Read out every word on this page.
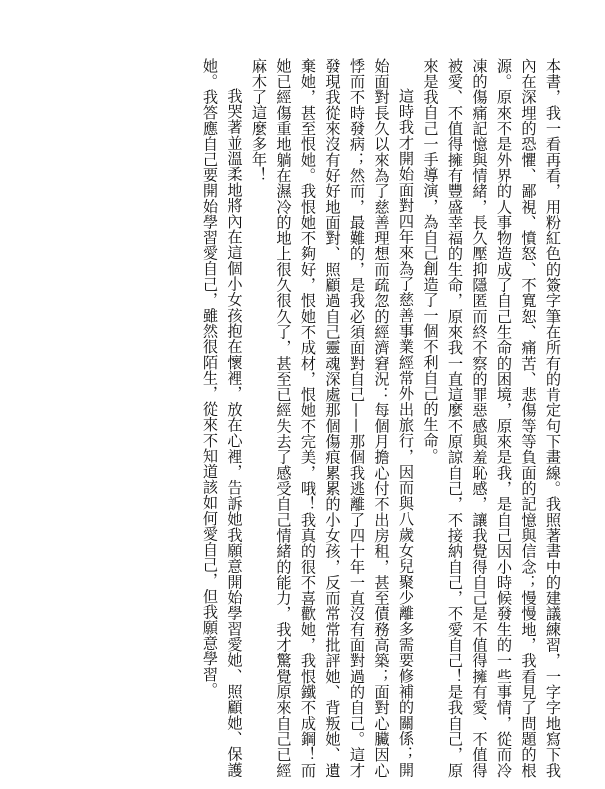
本書，我一看再看，用粉紅色的簽字筆在所有的肯定句下畫線。我照著書中的建議練習，一字字地寫下我內在深埋的恐懼、鄙視、憤怒、不寬恕、痛苦、悲傷等等負面的記憶與信念；慢慢地，我看見了問題的根源。原來不是外界的人事物造成了自己生命的困境，原來是我，是自己因小時候發生的一些事情，從而冷凍的傷痛記憶與情緒，長久壓抑隱匿而終不察的罪惡感與羞恥感，讓我覺得自己是不值得擁有愛、不值得被愛、不值得擁有豐盛幸福的生命，原來我一直這麼不原諒自己，不接納自己，不愛自己！是我自己，原來是我自己一手導演，為自己創造了一個不利自己的生命。

這時我才開始面對四年來為了慈善事業經常外出旅行，因而與八歲女兒聚少離多需要修補的關係；開始面對長久以來為了慈善理想而疏忽的經濟窘況：每個月擔心付不出房租，甚至債務高築；面對心臟因心悸而不時發病；然而，最難的，是我必須面對自己——那個我逃離了四十年一直沒有面對過的自己。這才發現我從來沒有好好地面對、照顧過自己靈魂深處那個傷痕累累的小女孩，反而常常批評她、背叛她、遺棄她，甚至恨她。我恨她不夠好，恨她不成材，恨她不完美，哦！我真的很不喜歡她，我恨鐵不成鋼！而她已經傷重地躺在濕冷的地上很久很久了，甚至已經失去了感受自己情緒的能力，我才驚覺原來自己已經麻木了這麼多年！

我哭著並溫柔地將內在這個小女孩抱在懷裡，放在心裡，告訴她我願意開始學習愛她、照顧她、保護她。我答應自己要開始學習愛自己，雖然很陌生，從來不知道該如何愛自己，但我願意學習。
